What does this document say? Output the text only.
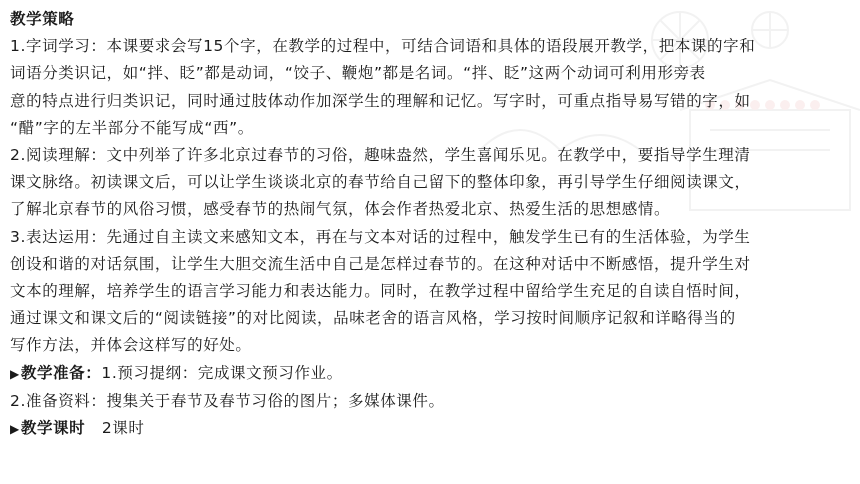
教学策略
1.字词学习：本课要求会写15个字，在教学的过程中，可结合词语和具体的语段展开教学，把本课的字和
词语分类识记，如“拌、眨”都是动词，“饺子、鞭炮”都是名词。“拌、眨”这两个动词可利用形旁表
意的特点进行归类识记，同时通过肢体动作加深学生的理解和记忆。写字时，可重点指导易写错的字，如
“醋”字的左半部分不能写成“西”。
2.阅读理解：文中列举了许多北京过春节的习俗，趣味盎然，学生喜闻乐见。在教学中，要指导学生理清
课文脉络。初读课文后，可以让学生谈谈北京的春节给自己留下的整体印象，再引导学生仔细阅读课文，
了解北京春节的风俗习惯，感受春节的热闹气氛，体会作者热爱北京、热爱生活的思想感情。
3.表达运用：先通过自主读文来感知文本，再在与文本对话的过程中，触发学生已有的生活体验，为学生
创设和谐的对话氛围，让学生大胆交流生活中自己是怎样过春节的。在这种对话中不断感悟，提升学生对
文本的理解，培养学生的语言学习能力和表达能力。同时，在教学过程中留给学生充足的自读自悟时间，
通过课文和课文后的“阅读链接”的对比阅读，品味老舍的语言风格，学习按时间顺序记叙和详略得当的
写作方法，并体会这样写的好处。
▶教学准备：1.预习提纲：完成课文预习作业。
2.准备资料：搜集关于春节及春节习俗的图片；多媒体课件。
▶教学课时 2课时
